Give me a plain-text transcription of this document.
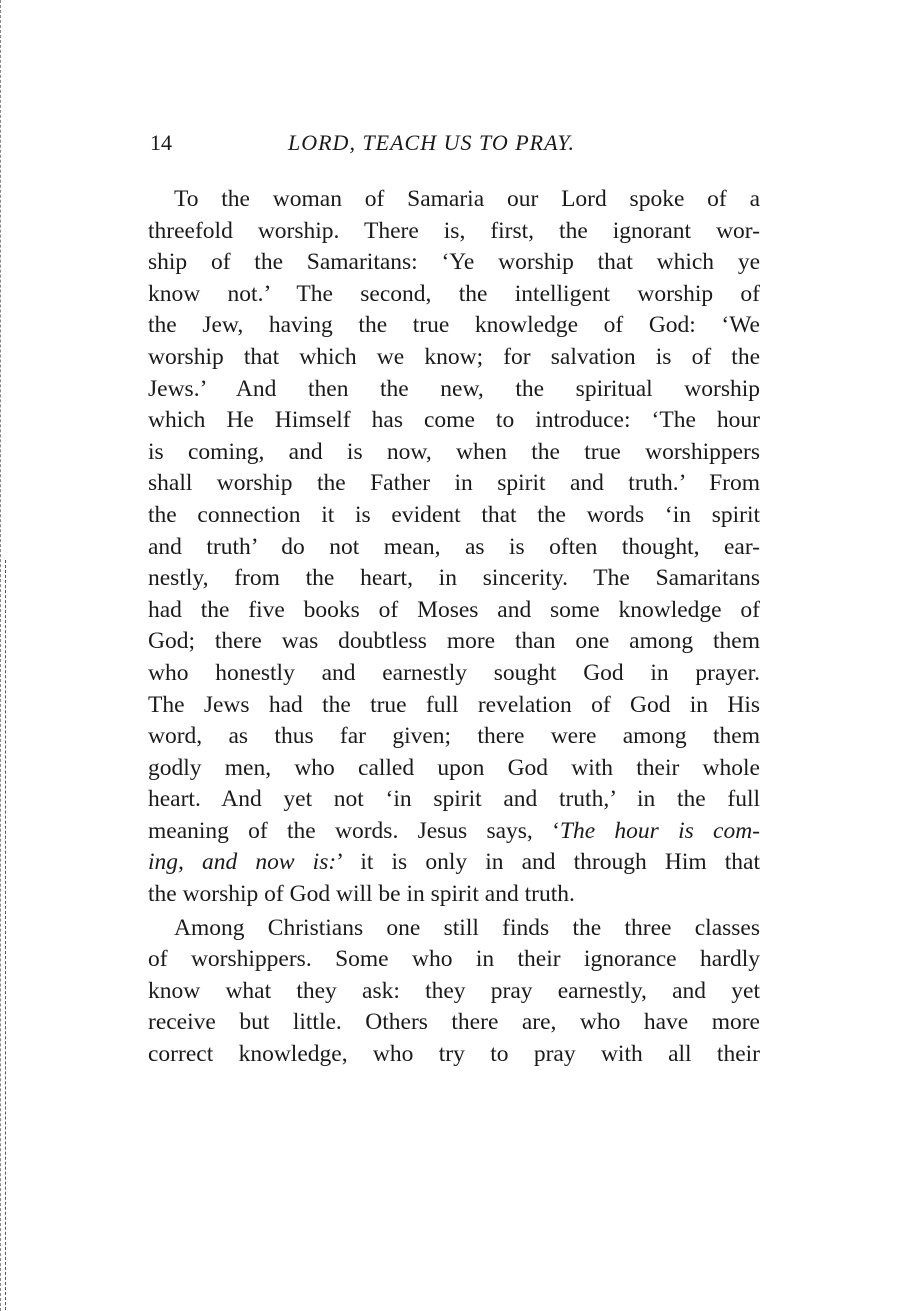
14	LORD, TEACH US TO PRAY.
To the woman of Samaria our Lord spoke of a
threefold worship. There is, first, the ignorant wor-
ship of the Samaritans: ‘Ye worship that which ye
know not.’ The second, the intelligent worship of
the Jew, having the true knowledge of God: ‘We
worship that which we know; for salvation is of the
Jews.’ And then the new, the spiritual worship
which He Himself has come to introduce: ‘The hour
is coming, and is now, when the true worshippers
shall worship the Father in spirit and truth.’ From
the connection it is evident that the words ‘in spirit
and truth’ do not mean, as is often thought, ear-
nestly, from the heart, in sincerity. The Samaritans
had the five books of Moses and some knowledge of
God; there was doubtless more than one among them
who honestly and earnestly sought God in prayer.
The Jews had the true full revelation of God in His
word, as thus far given; there were among them
godly men, who called upon God with their whole
heart. And yet not ‘in spirit and truth,’ in the full
meaning of the words. Jesus says, ‘The hour is com-
ing, and now is:’ it is only in and through Him that
the worship of God will be in spirit and truth.
Among Christians one still finds the three classes
of worshippers. Some who in their ignorance hardly
know what they ask: they pray earnestly, and yet
receive but little. Others there are, who have more
correct knowledge, who try to pray with all their
